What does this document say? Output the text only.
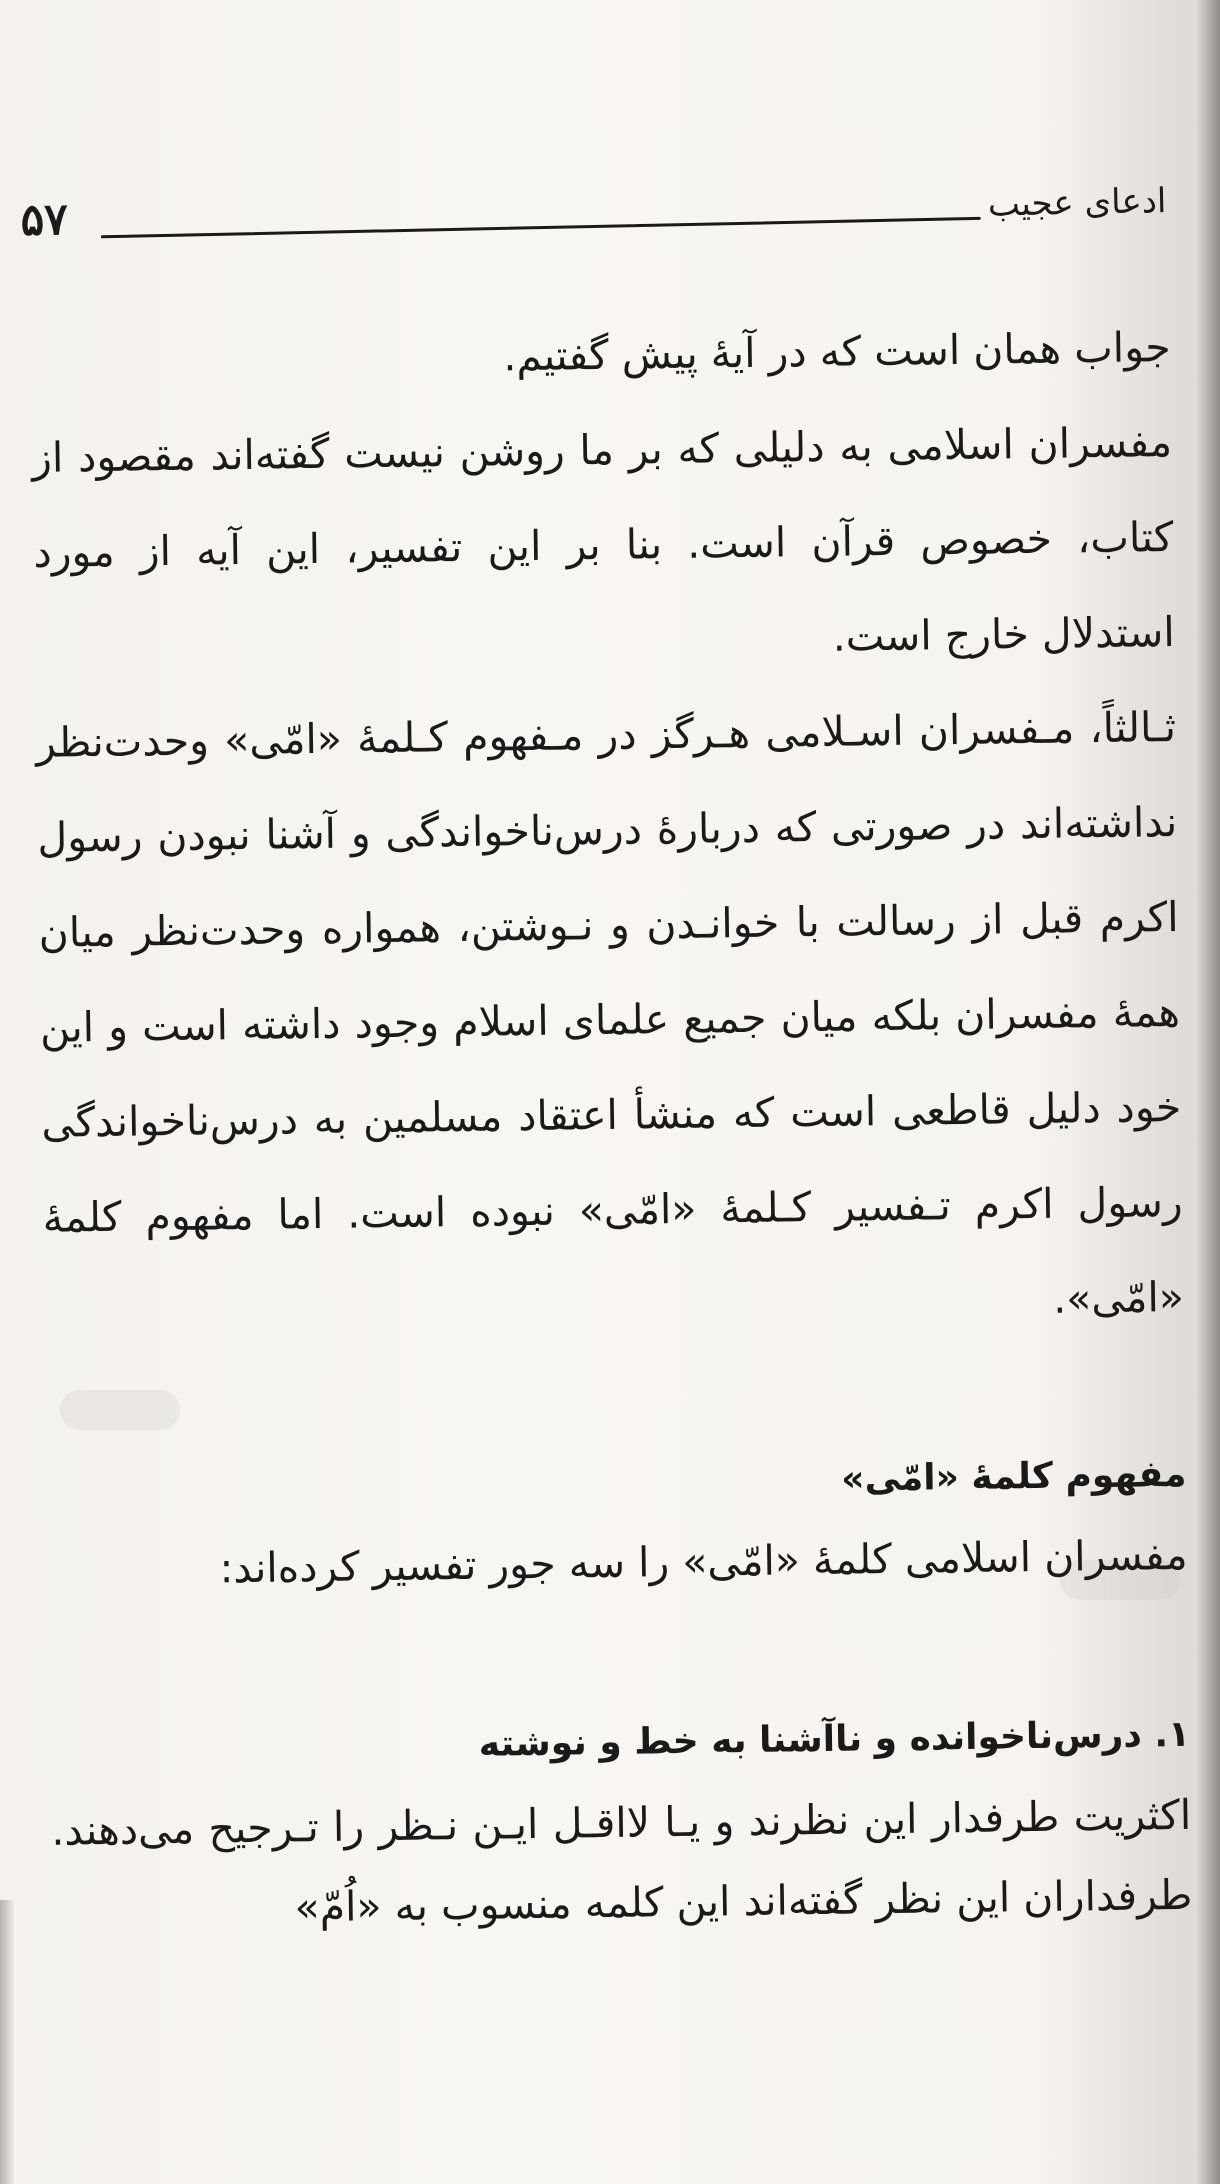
۵۷	ادعای عجیب

جواب همان است که در آیهٔ پیش گفتیم.

مفسران اسلامی به دلیلی که بر ما روشن نیست گفته‌اند مقصود از کتاب، خصوص قرآن است. بنا بر این تفسیر، این آیه از مورد استدلال خارج است.

ثـالثاً، مـفسران اسـلامی هـرگز در مـفهوم کـلمهٔ «امّی» وحدت‌نظر نداشته‌اند در صورتی که دربارهٔ درس‌ناخواندگی و آشنا نبودن رسول اکرم قبل از رسالت با خوانـدن و نـوشتن، همواره وحدت‌نظر میان همهٔ مفسران بلکه میان جمیع علمای اسلام وجود داشته است و این خود دلیل قاطعی است که منشأ اعتقاد مسلمین به درس‌ناخواندگی رسول اکرم تـفسیر کـلمهٔ «امّی» نبوده است. اما مفهوم کلمهٔ «امّی».

مفهوم کلمهٔ «امّی»

مفسران اسلامی کلمهٔ «امّی» را سه جور تفسیر کرده‌اند:

۱. درس‌ناخوانده و ناآشنا به خط و نوشته

اکثریت طرفدار این نظرند و یـا لااقـل ایـن نـظر را تـرجیح می‌دهند. طرفداران این نظر گفته‌اند این کلمه منسوب به «اُمّ»
